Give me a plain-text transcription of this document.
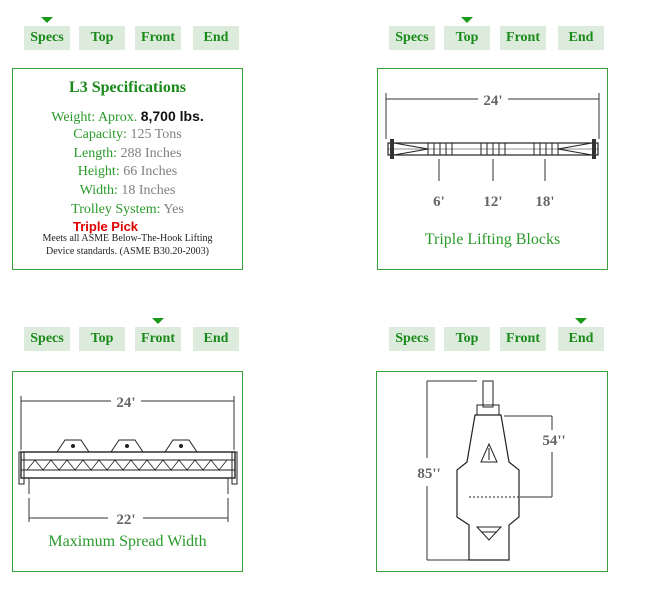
Specs	Top	Front	End
L3 Specifications
Weight: Aprox. 8,700 lbs.
Capacity: 125 Tons
Length: 288 Inches
Height: 66 Inches
Width: 18 Inches
Trolley System: Yes
Triple Pick
Meets all ASME Below-The-Hook Lifting
Device standards. (ASME B30.20-2003)
Specs	Top	Front	End
24'
6'	12' 18'
Triple Lifting Blocks
Specs	Top	Front	End
24'
22'
Maximum Spread Width
Specs	Top	Front	End
85''
54''
